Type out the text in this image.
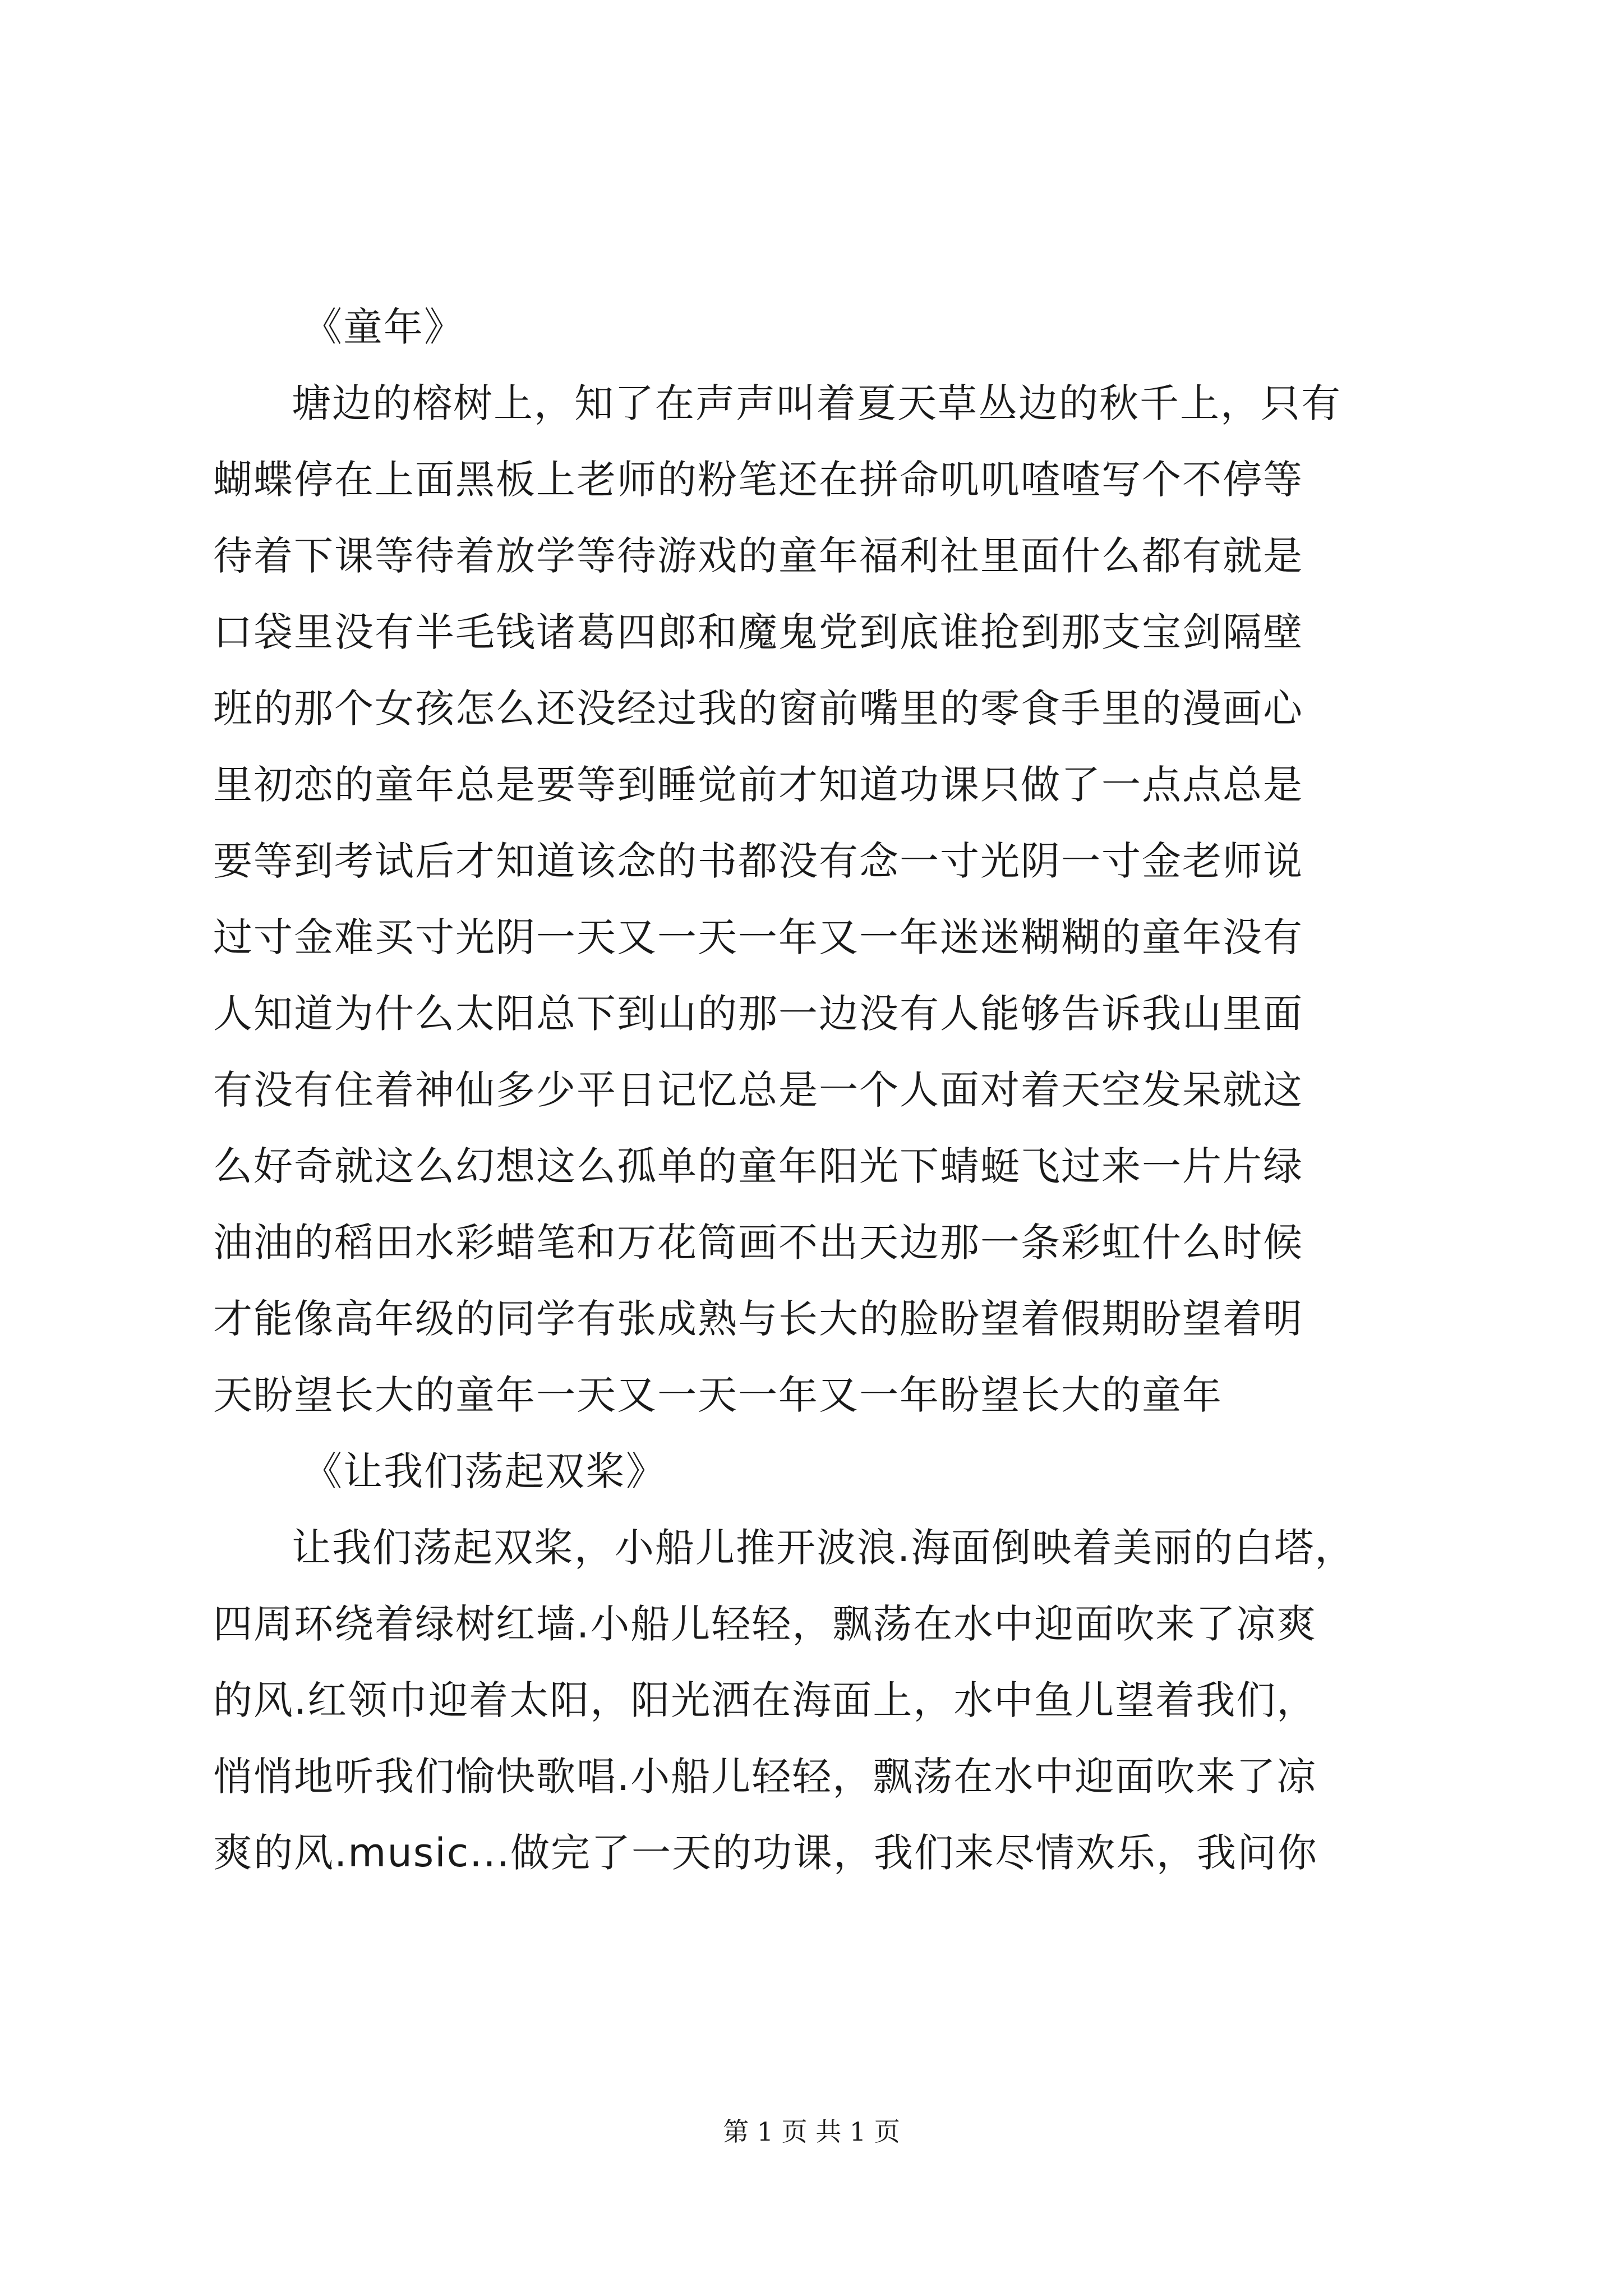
《童年》
塘边的榕树上，知了在声声叫着夏天草丛边的秋千上，只有
蝴蝶停在上面黑板上老师的粉笔还在拼命叽叽喳喳写个不停等
待着下课等待着放学等待游戏的童年福利社里面什么都有就是
口袋里没有半毛钱诸葛四郎和魔鬼党到底谁抢到那支宝剑隔壁
班的那个女孩怎么还没经过我的窗前嘴里的零食手里的漫画心
里初恋的童年总是要等到睡觉前才知道功课只做了一点点总是
要等到考试后才知道该念的书都没有念一寸光阴一寸金老师说
过寸金难买寸光阴一天又一天一年又一年迷迷糊糊的童年没有
人知道为什么太阳总下到山的那一边没有人能够告诉我山里面
有没有住着神仙多少平日记忆总是一个人面对着天空发呆就这
么好奇就这么幻想这么孤单的童年阳光下蜻蜓飞过来一片片绿
油油的稻田水彩蜡笔和万花筒画不出天边那一条彩虹什么时候
才能像高年级的同学有张成熟与长大的脸盼望着假期盼望着明
天盼望长大的童年一天又一天一年又一年盼望长大的童年
《让我们荡起双桨》
让我们荡起双桨，小船儿推开波浪.海面倒映着美丽的白塔，
四周环绕着绿树红墙.小船儿轻轻，飘荡在水中迎面吹来了凉爽
的风.红领巾迎着太阳，阳光洒在海面上，水中鱼儿望着我们，
悄悄地听我们愉快歌唱.小船儿轻轻，飘荡在水中迎面吹来了凉
爽的风.music...做完了一天的功课，我们来尽情欢乐，我问你
第 1 页 共 1 页
